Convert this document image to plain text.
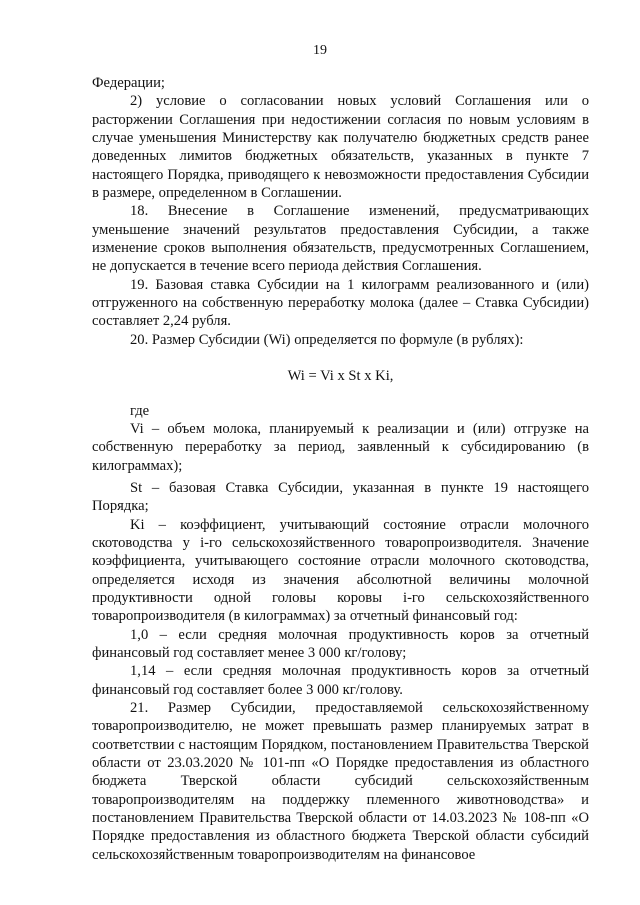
19

Федерации;

2) условие о согласовании новых условий Соглашения или о расторжении Соглашения при недостижении согласия по новым условиям в случае уменьшения Министерству как получателю бюджетных средств ранее доведенных лимитов бюджетных обязательств, указанных в пункте 7 настоящего Порядка, приводящего к невозможности предоставления Субсидии в размере, определенном в Соглашении.

18. Внесение в Соглашение изменений, предусматривающих уменьшение значений результатов предоставления Субсидии, а также изменение сроков выполнения обязательств, предусмотренных Соглашением, не допускается в течение всего периода действия Соглашения.

19. Базовая ставка Субсидии на 1 килограмм реализованного и (или) отгруженного на собственную переработку молока (далее – Ставка Субсидии) составляет 2,24 рубля.

20. Размер Субсидии (Wi) определяется по формуле (в рублях):

Wi = Vi x St x Ki,

где

Vi – объем молока, планируемый к реализации и (или) отгрузке на собственную переработку за период, заявленный к субсидированию (в килограммах);

St – базовая Ставка Субсидии, указанная в пункте 19 настоящего Порядка;

Ki – коэффициент, учитывающий состояние отрасли молочного скотоводства у i-го сельскохозяйственного товаропроизводителя. Значение коэффициента, учитывающего состояние отрасли молочного скотоводства, определяется исходя из значения абсолютной величины молочной продуктивности одной головы коровы i-го сельскохозяйственного товаропроизводителя (в килограммах) за отчетный финансовый год:

1,0 – если средняя молочная продуктивность коров за отчетный финансовый год составляет менее 3 000 кг/голову;

1,14 – если средняя молочная продуктивность коров за отчетный финансовый год составляет более 3 000 кг/голову.

21. Размер Субсидии, предоставляемой сельскохозяйственному товаропроизводителю, не может превышать размер планируемых затрат в соответствии с настоящим Порядком, постановлением Правительства Тверской области от 23.03.2020 № 101-пп «О Порядке предоставления из областного бюджета Тверской области субсидий сельскохозяйственным товаропроизводителям на поддержку племенного животноводства» и постановлением Правительства Тверской области от 14.03.2023 № 108-пп «О Порядке предоставления из областного бюджета Тверской области субсидий сельскохозяйственным товаропроизводителям на финансовое
